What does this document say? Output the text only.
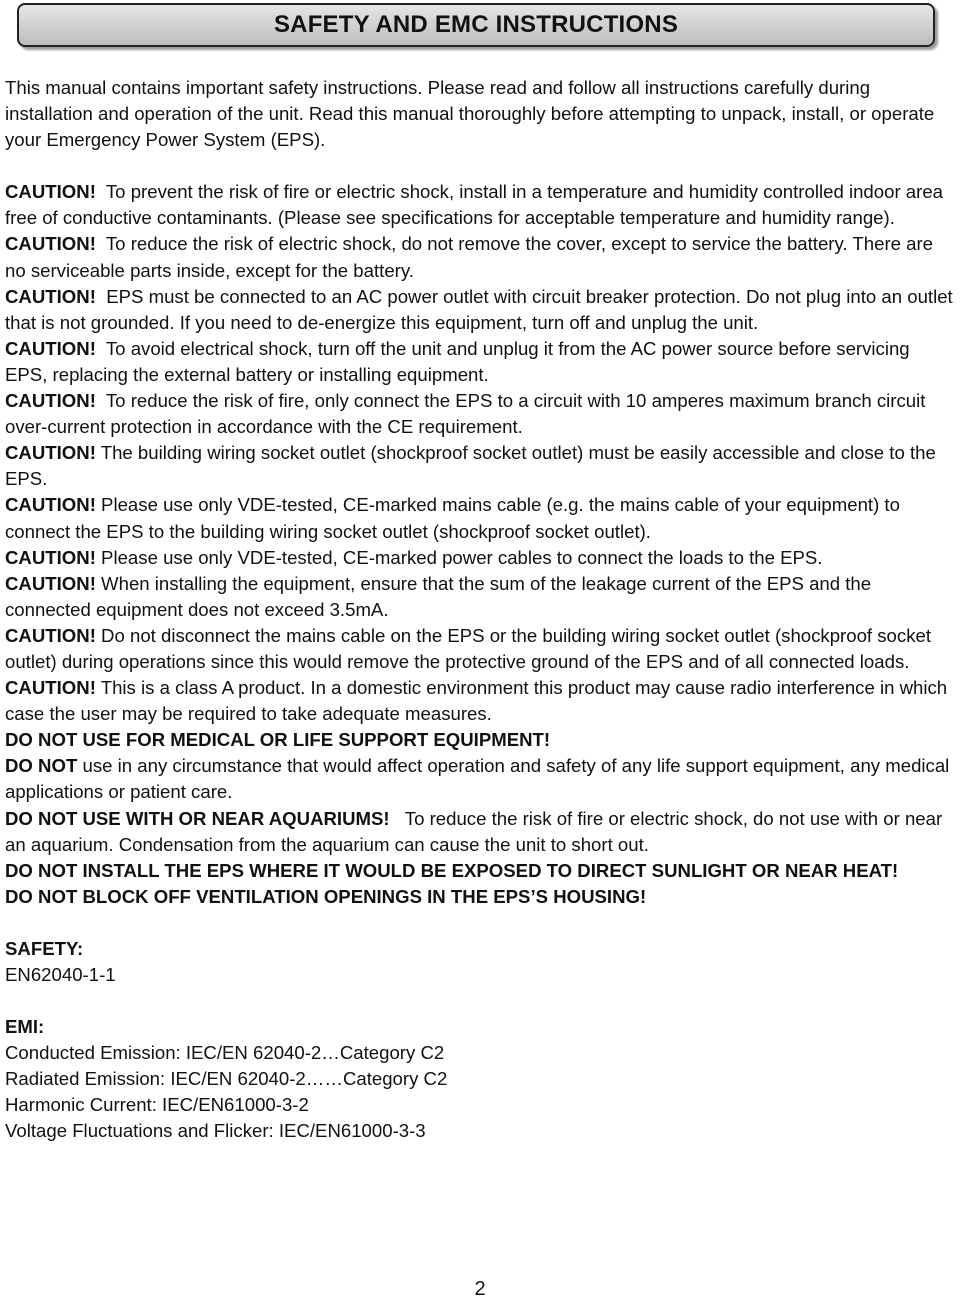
SAFETY AND EMC INSTRUCTIONS

This manual contains important safety instructions. Please read and follow all instructions carefully during installation and operation of the unit. Read this manual thoroughly before attempting to unpack, install, or operate your Emergency Power System (EPS).

CAUTION!  To prevent the risk of fire or electric shock, install in a temperature and humidity controlled indoor area free of conductive contaminants. (Please see specifications for acceptable temperature and humidity range).

CAUTION!  To reduce the risk of electric shock, do not remove the cover, except to service the battery. There are no serviceable parts inside, except for the battery.

CAUTION!  EPS must be connected to an AC power outlet with circuit breaker protection. Do not plug into an outlet that is not grounded. If you need to de-energize this equipment, turn off and unplug the unit.

CAUTION!  To avoid electrical shock, turn off the unit and unplug it from the AC power source before servicing EPS, replacing the external battery or installing equipment.

CAUTION!  To reduce the risk of fire, only connect the EPS to a circuit with 10 amperes maximum branch circuit over-current protection in accordance with the CE requirement.

CAUTION! The building wiring socket outlet (shockproof socket outlet) must be easily accessible and close to the EPS.

CAUTION! Please use only VDE-tested, CE-marked mains cable (e.g. the mains cable of your equipment) to connect the EPS to the building wiring socket outlet (shockproof socket outlet).

CAUTION! Please use only VDE-tested, CE-marked power cables to connect the loads to the EPS.

CAUTION! When installing the equipment, ensure that the sum of the leakage current of the EPS and the connected equipment does not exceed 3.5mA.

CAUTION! Do not disconnect the mains cable on the EPS or the building wiring socket outlet (shockproof socket outlet) during operations since this would remove the protective ground of the EPS and of all connected loads.

CAUTION! This is a class A product. In a domestic environment this product may cause radio interference in which case the user may be required to take adequate measures.

DO NOT USE FOR MEDICAL OR LIFE SUPPORT EQUIPMENT!

DO NOT use in any circumstance that would affect operation and safety of any life support equipment, any medical applications or patient care.

DO NOT USE WITH OR NEAR AQUARIUMS!   To reduce the risk of fire or electric shock, do not use with or near an aquarium. Condensation from the aquarium can cause the unit to short out.

DO NOT INSTALL THE EPS WHERE IT WOULD BE EXPOSED TO DIRECT SUNLIGHT OR NEAR HEAT!

DO NOT BLOCK OFF VENTILATION OPENINGS IN THE EPS’S HOUSING!

SAFETY:

EN62040-1-1

EMI:

Conducted Emission: IEC/EN 62040-2…Category C2

Radiated Emission: IEC/EN 62040-2……Category C2

Harmonic Current: IEC/EN61000-3-2

Voltage Fluctuations and Flicker: IEC/EN61000-3-3

2
